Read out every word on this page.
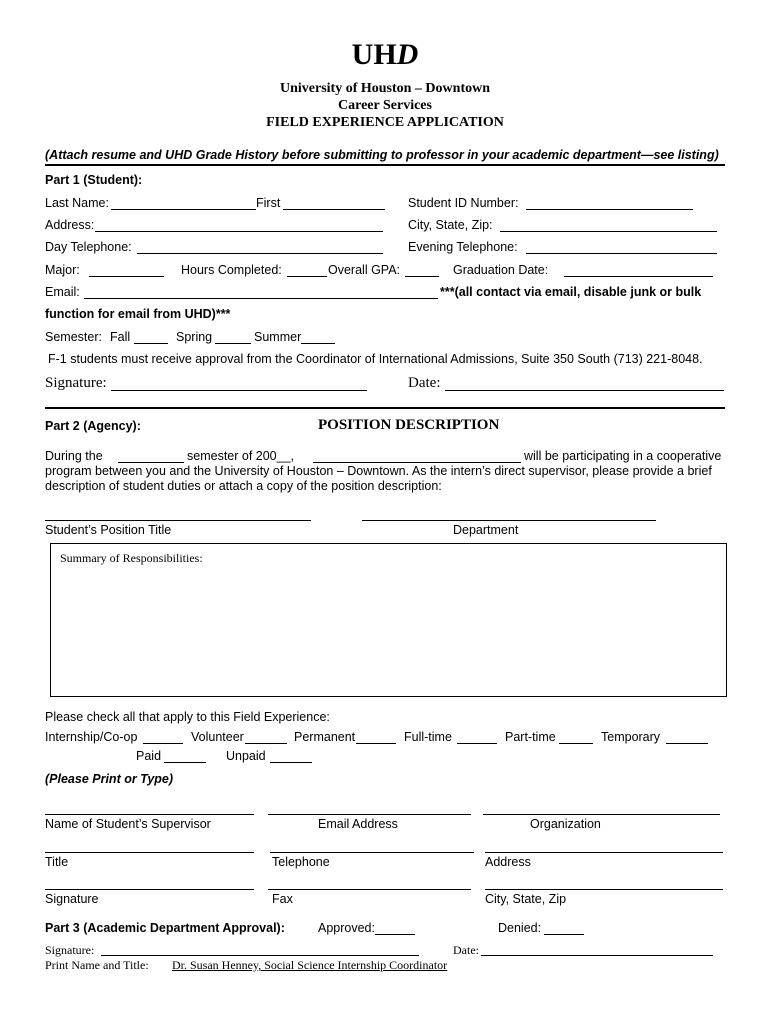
UHD
University of Houston – Downtown
Career Services
FIELD EXPERIENCE APPLICATION
(Attach resume and UHD Grade History before submitting to professor in your academic department—see listing)
Part 1 (Student):
Last Name:	First	Student ID Number:
Address:	City, State, Zip:
Day Telephone:	Evening Telephone:
Major:	Hours Completed:	Overall GPA:	Graduation Date:
Email:	***(all contact via email, disable junk or bulk
function for email from UHD)***
Semester: Fall	Spring	Summer
F-1 students must receive approval from the Coordinator of International Admissions, Suite 350 South (713) 221-8048.
Signature:	Date:
Part 2 (Agency):	POSITION DESCRIPTION
During the	semester of 200__,	will be participating in a cooperative
program between you and the University of Houston – Downtown. As the intern’s direct supervisor, please provide a brief
description of student duties or attach a copy of the position description:
Student’s Position Title	Department
Summary of Responsibilities:
Please check all that apply to this Field Experience:
Internship/Co-op	Volunteer	Permanent	Full-time	Part-time	Temporary
Paid	Unpaid
(Please Print or Type)
Name of Student’s Supervisor	Email Address	Organization
Title	Telephone	Address
Signature	Fax	City, State, Zip
Part 3 (Academic Department Approval):	Approved:	Denied:
Signature:	Date:
Print Name and Title: Dr. Susan Henney, Social Science Internship Coordinator
